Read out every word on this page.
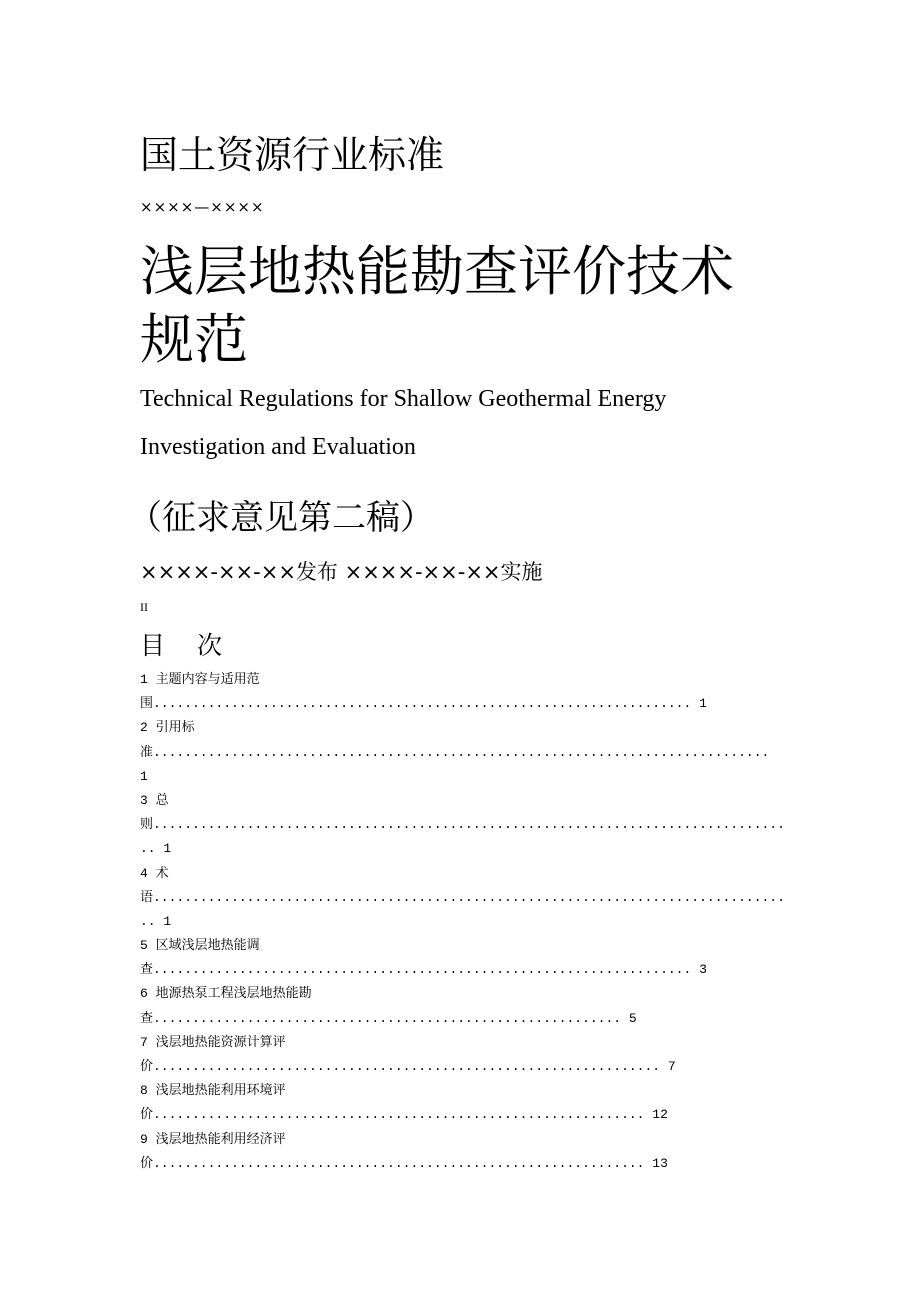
国土资源行业标准
××××—××××
浅层地热能勘查评价技术规范
Technical Regulations for Shallow Geothermal Energy
Investigation and Evaluation
（征求意见第二稿）
××××-××-××发布 ××××-××-××实施
II
目 次
1 主题内容与适用范
围..................................................................... 1
2 引用标
准...............................................................................
1
3 总
则.................................................................................
.. 1
4 术
语.................................................................................
.. 1
5 区域浅层地热能调
查..................................................................... 3
6 地源热泵工程浅层地热能勘
查............................................................ 5
7 浅层地热能资源计算评
价................................................................. 7
8 浅层地热能利用环境评
价............................................................... 12
9 浅层地热能利用经济评
价............................................................... 13
